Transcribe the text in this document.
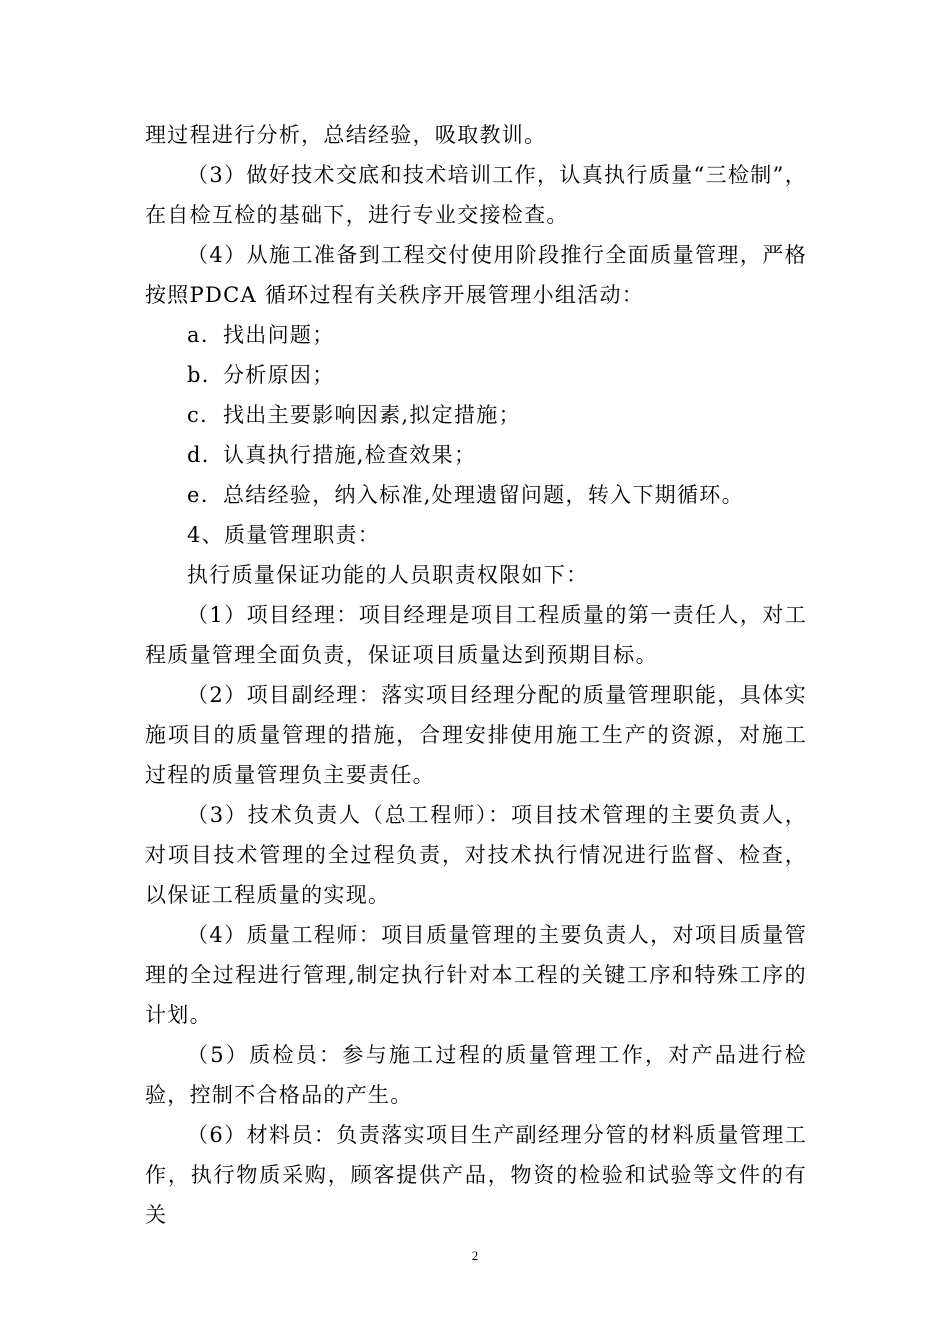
理过程进行分析，总结经验，吸取教训。

（3）做好技术交底和技术培训工作，认真执行质量“三检制”，在自检互检的基础下，进行专业交接检查。

（4）从施工准备到工程交付使用阶段推行全面质量管理，严格按照PDCA 循环过程有关秩序开展管理小组活动：

a. 找出问题；
b. 分析原因；
c. 找出主要影响因素,拟定措施；
d. 认真执行措施,检查效果；
e. 总结经验，纳入标准,处理遗留问题，转入下期循环。

4、质量管理职责：

执行质量保证功能的人员职责权限如下：

（1）项目经理：项目经理是项目工程质量的第一责任人，对工程质量管理全面负责，保证项目质量达到预期目标。

（2）项目副经理：落实项目经理分配的质量管理职能，具体实施项目的质量管理的措施，合理安排使用施工生产的资源，对施工过程的质量管理负主要责任。

（3）技术负责人（总工程师）：项目技术管理的主要负责人，对项目技术管理的全过程负责，对技术执行情况进行监督、检查，以保证工程质量的实现。

（4）质量工程师：项目质量管理的主要负责人，对项目质量管理的全过程进行管理,制定执行针对本工程的关键工序和特殊工序的计划。

（5）质检员：参与施工过程的质量管理工作，对产品进行检验，控制不合格品的产生。

（6）材料员：负责落实项目生产副经理分管的材料质量管理工作，执行物质采购，顾客提供产品，物资的检验和试验等文件的有关

2
